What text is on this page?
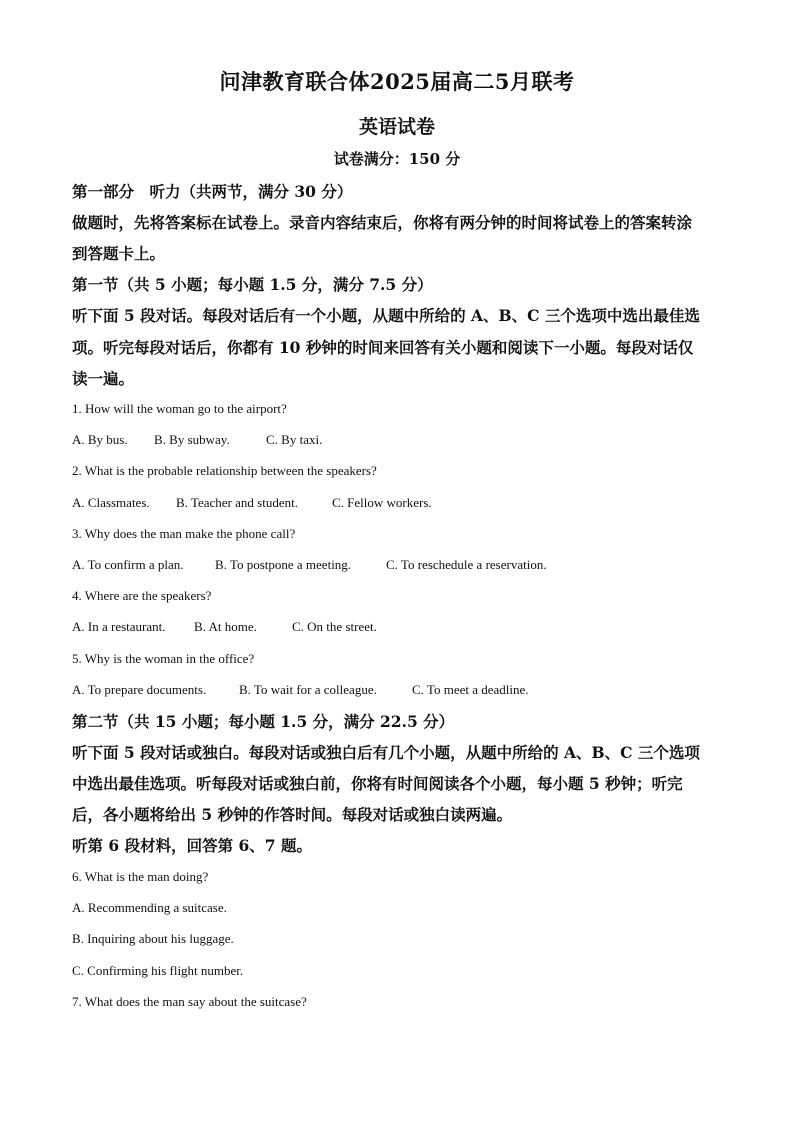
问津教育联合体2025届高二5月联考
英语试卷
试卷满分：150 分
第一部分　听力（共两节，满分 30 分）
做题时，先将答案标在试卷上。录音内容结束后，你将有两分钟的时间将试卷上的答案转涂
到答题卡上。
第一节（共 5 小题；每小题 1.5 分，满分 7.5 分）
听下面 5 段对话。每段对话后有一个小题，从题中所给的 A、B、C 三个选项中选出最佳选
项。听完每段对话后，你都有 10 秒钟的时间来回答有关小题和阅读下一小题。每段对话仅
读一遍。
1. How will the woman go to the airport?
A. By bus. B. By subway.	C. By taxi.
2. What is the probable relationship between the speakers?
A. Classmates. B. Teacher and student.	C. Fellow workers.
3. Why does the man make the phone call?
A. To confirm a plan. B. To postpone a meeting.	C. To reschedule a reservation.
4. Where are the speakers?
A. In a restaurant. B. At home.	C. On the street.
5. Why is the woman in the office?
A. To prepare documents.	B. To wait for a colleague.	C. To meet a deadline.
第二节（共 15 小题；每小题 1.5 分，满分 22.5 分）
听下面 5 段对话或独白。每段对话或独白后有几个小题，从题中所给的 A、B、C 三个选项
中选出最佳选项。听每段对话或独白前，你将有时间阅读各个小题，每小题 5 秒钟；听完
后，各小题将给出 5 秒钟的作答时间。每段对话或独白读两遍。
听第 6 段材料，回答第 6、7 题。
6. What is the man doing?
A. Recommending a suitcase.
B. Inquiring about his luggage.
C. Confirming his flight number.
7. What does the man say about the suitcase?
